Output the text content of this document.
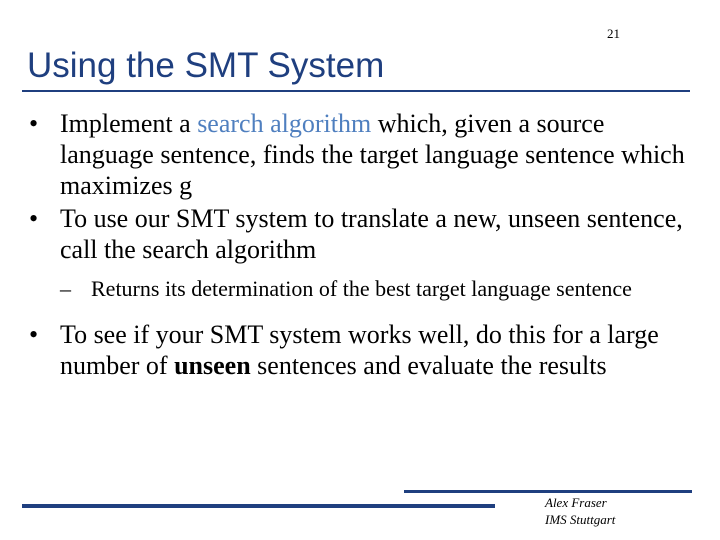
21
Using the SMT System
• Implement a search algorithm which, given a source language sentence, finds the target language sentence which maximizes g
• To use our SMT system to translate a new, unseen sentence, call the search algorithm
– Returns its determination of the best target language sentence
• To see if your SMT system works well, do this for a large number of unseen sentences and evaluate the results
Alex Fraser
IMS Stuttgart
